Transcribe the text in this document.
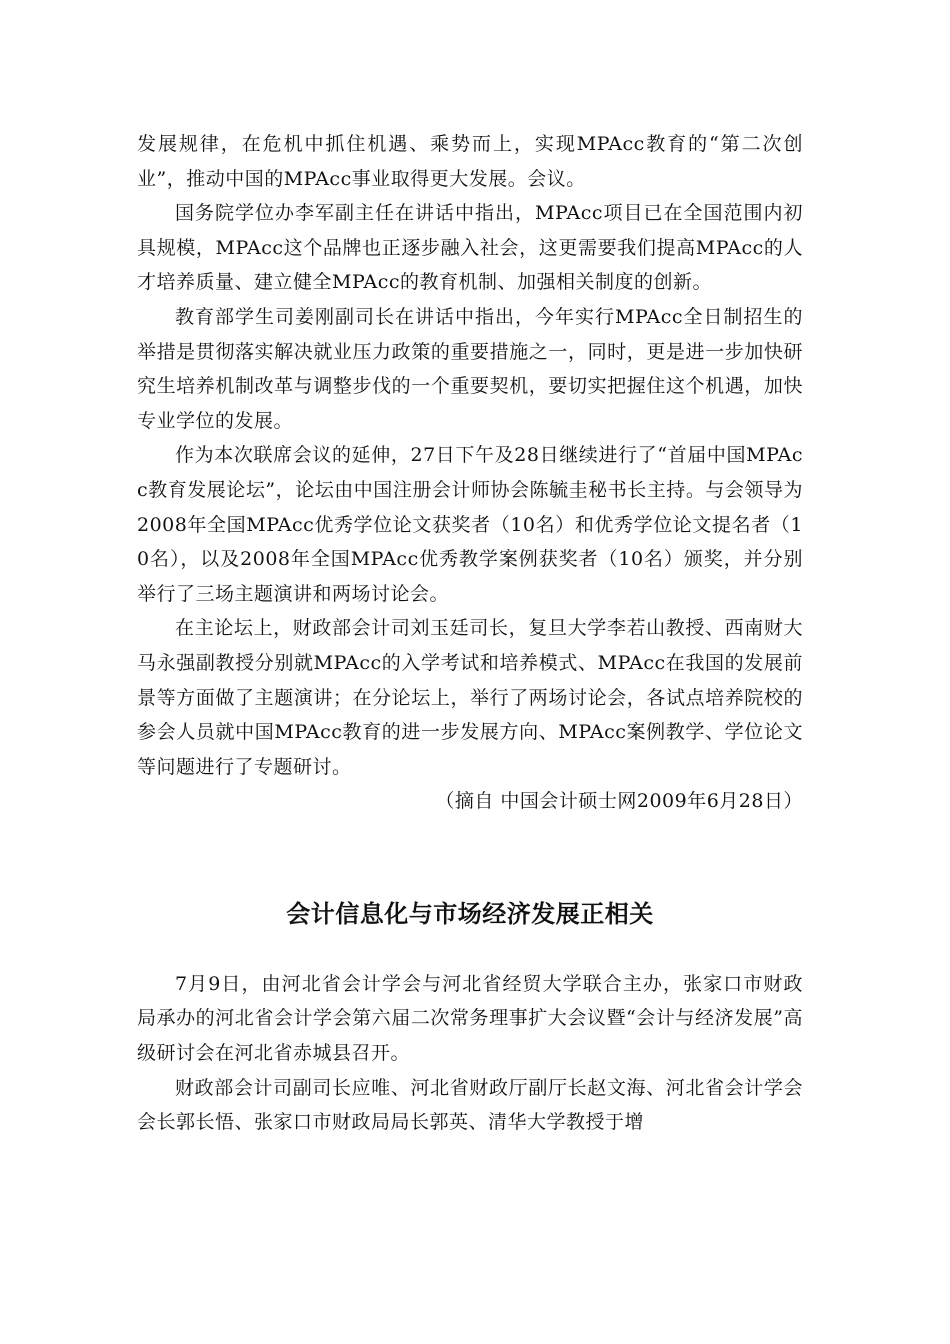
发展规律，在危机中抓住机遇、乘势而上，实现MPAcc教育的“第二次创业”，推动中国的MPAcc事业取得更大发展。会议。

国务院学位办李军副主任在讲话中指出，MPAcc项目已在全国范围内初具规模，MPAcc这个品牌也正逐步融入社会，这更需要我们提高MPAcc的人才培养质量、建立健全MPAcc的教育机制、加强相关制度的创新。

教育部学生司姜刚副司长在讲话中指出，今年实行MPAcc全日制招生的举措是贯彻落实解决就业压力政策的重要措施之一，同时，更是进一步加快研究生培养机制改革与调整步伐的一个重要契机，要切实把握住这个机遇，加快专业学位的发展。

作为本次联席会议的延伸，27日下午及28日继续进行了“首届中国MPAcc教育发展论坛”，论坛由中国注册会计师协会陈毓圭秘书长主持。与会领导为2008年全国MPAcc优秀学位论文获奖者（10名）和优秀学位论文提名者（10名），以及2008年全国MPAcc优秀教学案例获奖者（10名）颁奖，并分别举行了三场主题演讲和两场讨论会。

在主论坛上，财政部会计司刘玉廷司长，复旦大学李若山教授、西南财大马永强副教授分别就MPAcc的入学考试和培养模式、MPAcc在我国的发展前景等方面做了主题演讲；在分论坛上，举行了两场讨论会，各试点培养院校的参会人员就中国MPAcc教育的进一步发展方向、MPAcc案例教学、学位论文等问题进行了专题研讨。

（摘自 中国会计硕士网2009年6月28日）

会计信息化与市场经济发展正相关

7月9日，由河北省会计学会与河北省经贸大学联合主办，张家口市财政局承办的河北省会计学会第六届二次常务理事扩大会议暨“会计与经济发展”高级研讨会在河北省赤城县召开。

财政部会计司副司长应唯、河北省财政厅副厅长赵文海、河北省会计学会会长郭长悟、张家口市财政局局长郭英、清华大学教授于增
